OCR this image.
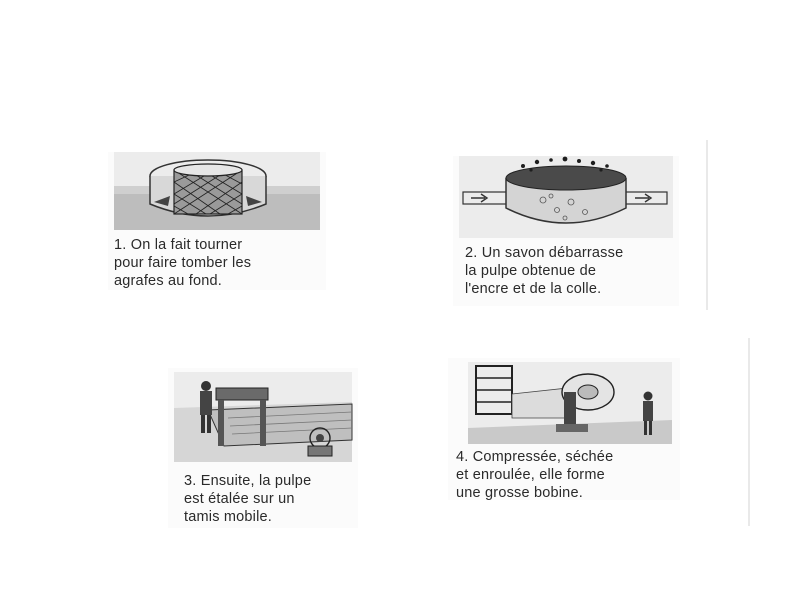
1. On la fait tourner
pour faire tomber les
agrafes au fond.

2. Un savon débarrasse
la pulpe obtenue de
l'encre et de la colle.

3. Ensuite, la pulpe
est étalée sur un
tamis mobile.

4. Compressée, séchée
et enroulée, elle forme
une grosse bobine.
